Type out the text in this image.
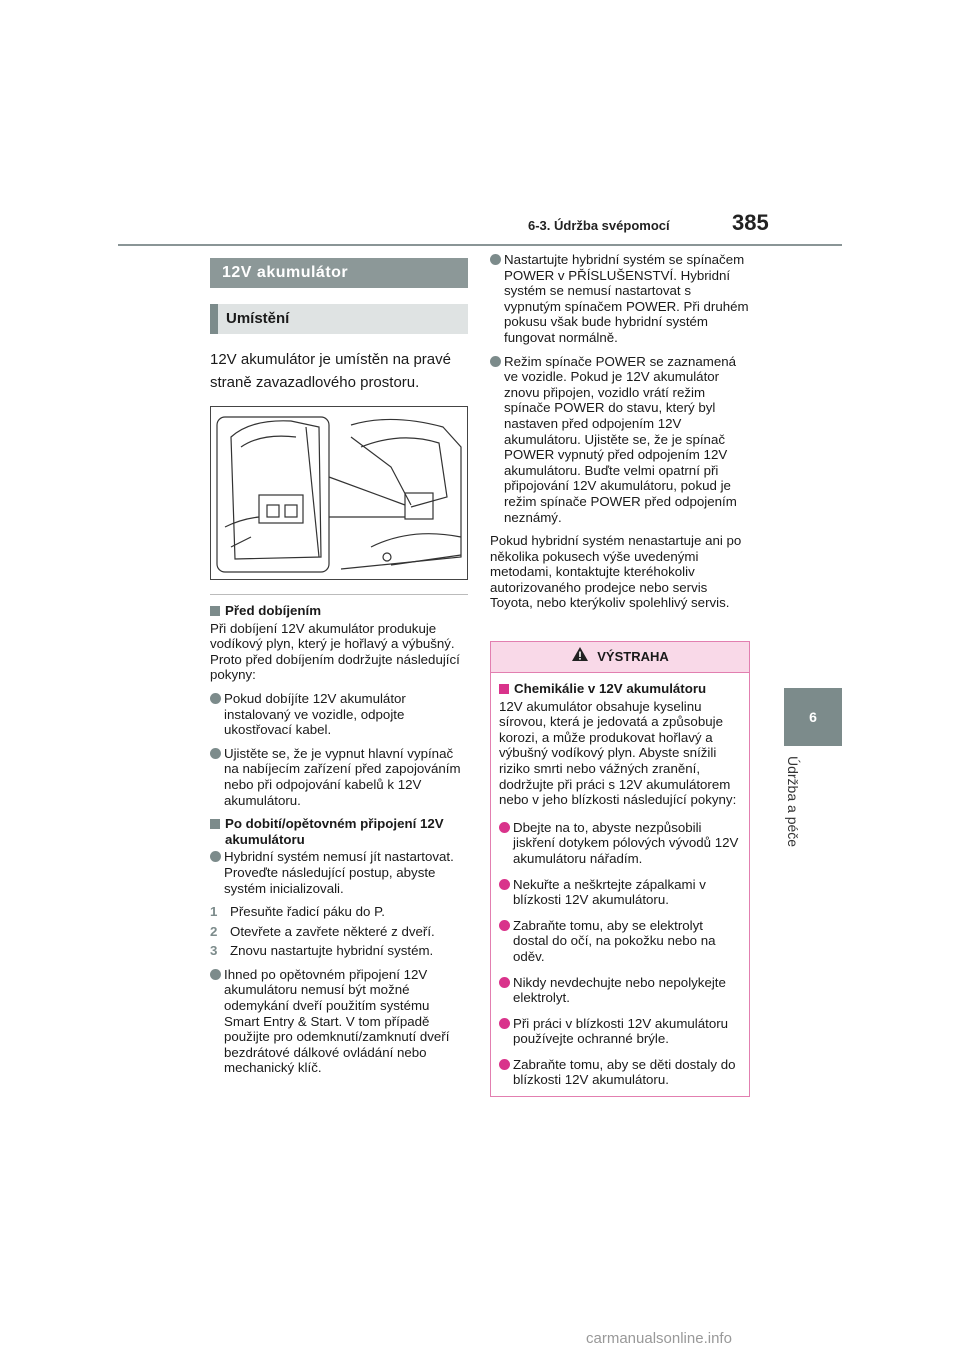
6-3. Údržba svépomocí	385
6
Údržba a péče
12V akumulátor
Umístění

12V akumulátor je umístěn na pravé straně zavazadlového prostoru.

Před dobíjením

Při dobíjení 12V akumulátor produkuje vodíkový plyn, který je hořlavý a výbušný. Proto před dobíjením dodržujte následující pokyny:

Pokud dobíjíte 12V akumulátor instalovaný ve vozidle, odpojte ukostřovací kabel.
Ujistěte se, že je vypnut hlavní vypínač na nabíjecím zařízení před zapojováním nebo při odpojování kabelů k 12V akumulátoru.
Po dobití/opětovném připojení 12V akumulátoru
Hybridní systém nemusí jít nastartovat. Proveďte následující postup, abyste systém inicializovali.
1 Přesuňte řadicí páku do P.
2 Otevřete a zavřete některé z dveří.
3 Znovu nastartujte hybridní systém.
Ihned po opětovném připojení 12V akumulátoru nemusí být možné odemykání dveří použitím systému Smart Entry & Start. V tom případě použijte pro odemknutí/zamknutí dveří bezdrátové dálkové ovládání nebo mechanický klíč.
Nastartujte hybridní systém se spínačem POWER v PŘÍSLUŠENSTVÍ. Hybridní systém se nemusí nastartovat s vypnutým spínačem POWER. Při druhém pokusu však bude hybridní systém fungovat normálně.
Režim spínače POWER se zaznamená ve vozidle. Pokud je 12V akumulátor znovu připojen, vozidlo vrátí režim spínače POWER do stavu, který byl nastaven před odpojením 12V akumulátoru. Ujistěte se, že je spínač POWER vypnutý před odpojením 12V akumulátoru. Buďte velmi opatrní při připojování 12V akumulátoru, pokud je režim spínače POWER před odpojením neznámý.

Pokud hybridní systém nenastartuje ani po několika pokusech výše uvedenými metodami, kontaktujte kteréhokoliv autorizovaného prodejce nebo servis Toyota, nebo kterýkoliv spolehlivý servis.

VÝSTRAHA
Chemikálie v 12V akumulátoru

12V akumulátor obsahuje kyselinu sírovou, která je jedovatá a způsobuje korozi, a může produkovat hořlavý a výbušný vodíkový plyn. Abyste snížili riziko smrti nebo vážných zranění, dodržujte při práci s 12V akumulátorem nebo v jeho blízkosti následující pokyny:

Dbejte na to, abyste nezpůsobili jiskření dotykem pólových vývodů 12V akumulátoru nářadím.
Nekuřte a neškrtejte zápalkami v blízkosti 12V akumulátoru.
Zabraňte tomu, aby se elektrolyt dostal do očí, na pokožku nebo na oděv.
Nikdy nevdechujte nebo nepolykejte elektrolyt.
Při práci v blízkosti 12V akumulátoru používejte ochranné brýle.
Zabraňte tomu, aby se děti dostaly do blízkosti 12V akumulátoru.
carmanualsonline.info
